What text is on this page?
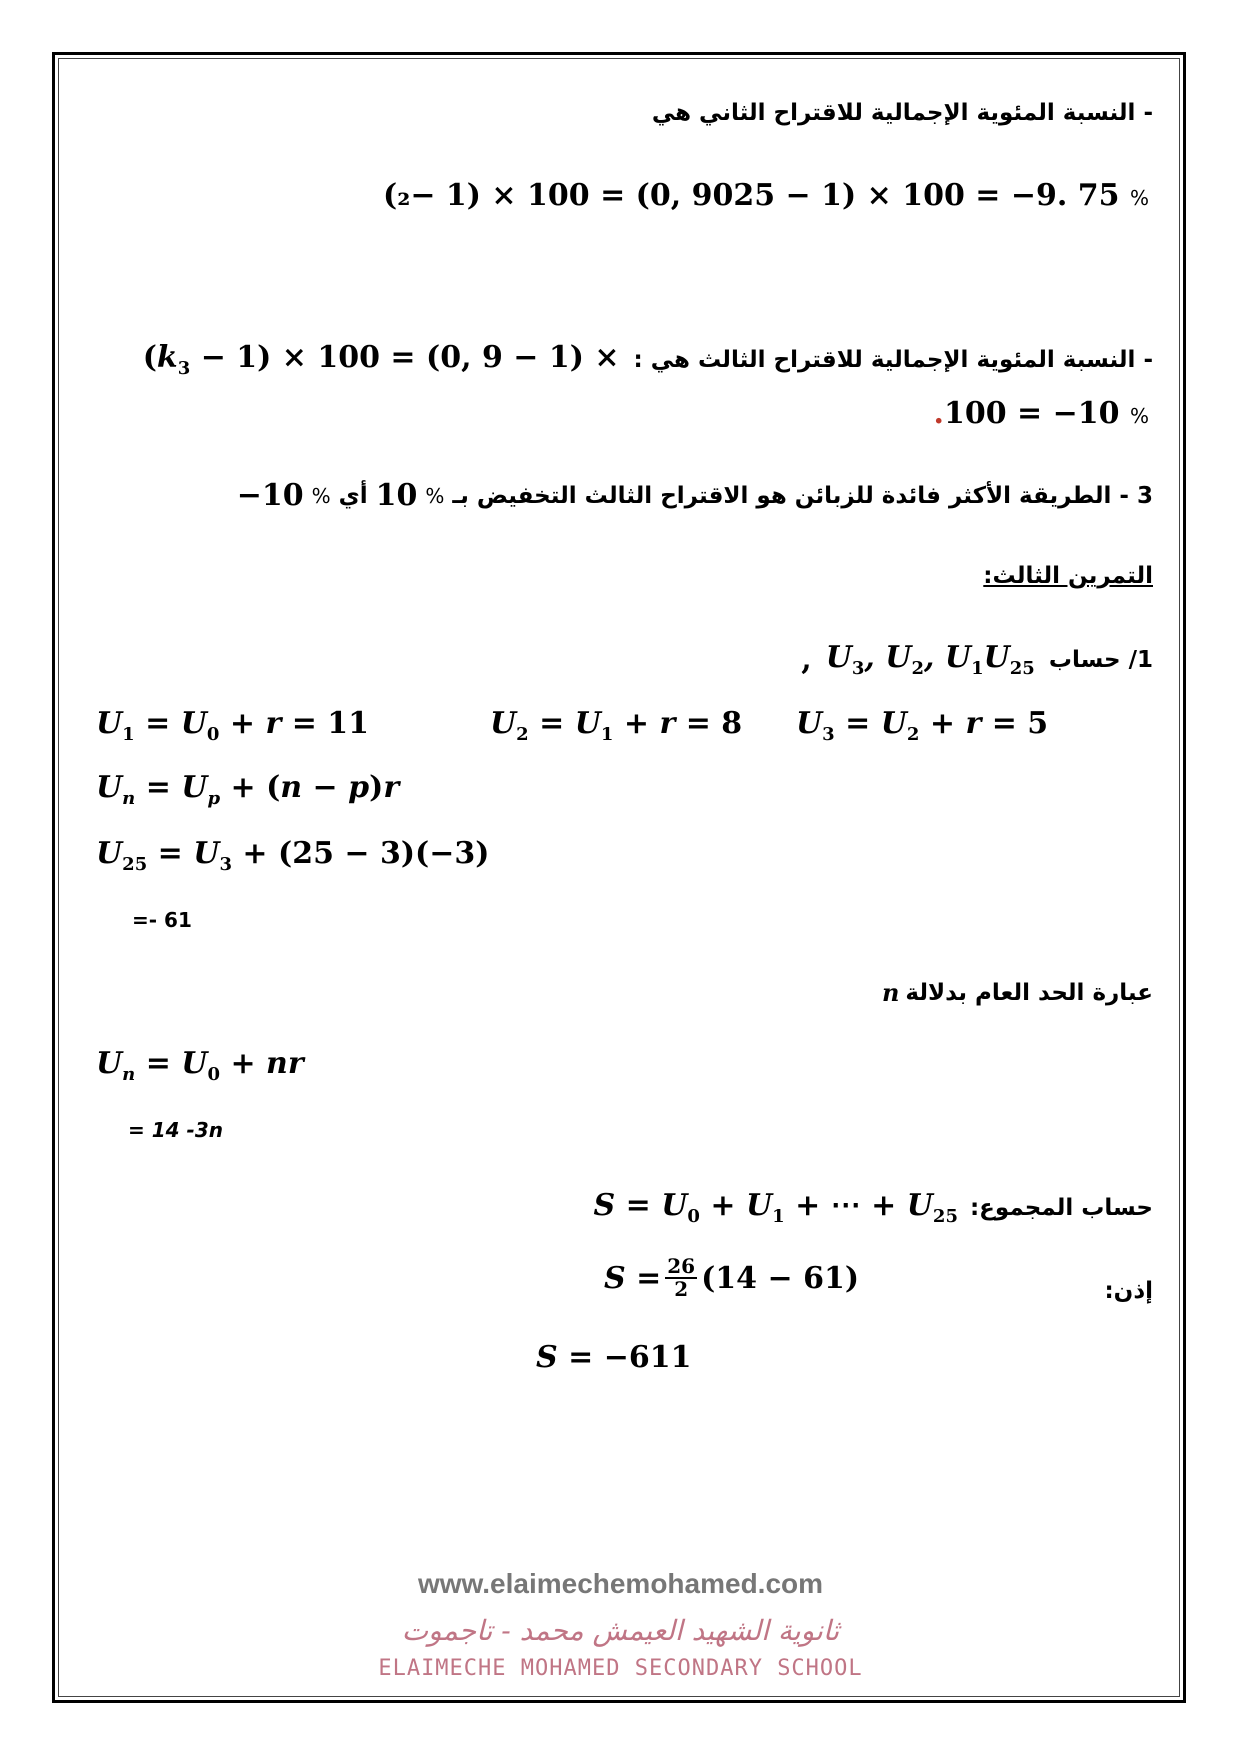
- النسبة المئوية الإجمالية للاقتراح الثاني هي
(₂− 1) × 100 = (0, 9025 − 1) × 100 = −9. 75 %
$(k_3 - 1) \times 100 = (0$, 9 − 1) × - النسبة المئوية الإجمالية للاقتراح الثالث هي :
.100 = −10 %
3 - الطريقة الأكثر فائدة للزبائن هو الاقتراح الثالث التخفيض بـ
%
10
أي
%
10−
التمرين الثالث:
, $U_3$, $U_2$, $U_1U_{25}$ 1/ حساب
$U_1 = U_0 + r = 11$	$U_2 = U_1 + r = 8$ $U_3 = U_2 + r = 5$
$U_n = U_p + (n - p)r$
$U_{25} = U_3 + (25 - 3)(-3)$
=- 61
n عبارة الحد العام بدلالة
$U_n = U_0$ + nr
= 14 -3n
$S = U_0 + U_1$ + ⋯ + $U_{25}$ حساب المجموع:
إذن:
$S = \frac{26}{2} (14 - 61)$
S = −611
www.elaimechemohamed.com
ثانوية الشهيد العيمش محمد - تاجموت
ELAIMECHE MOHAMED SECONDARY SCHOOL
